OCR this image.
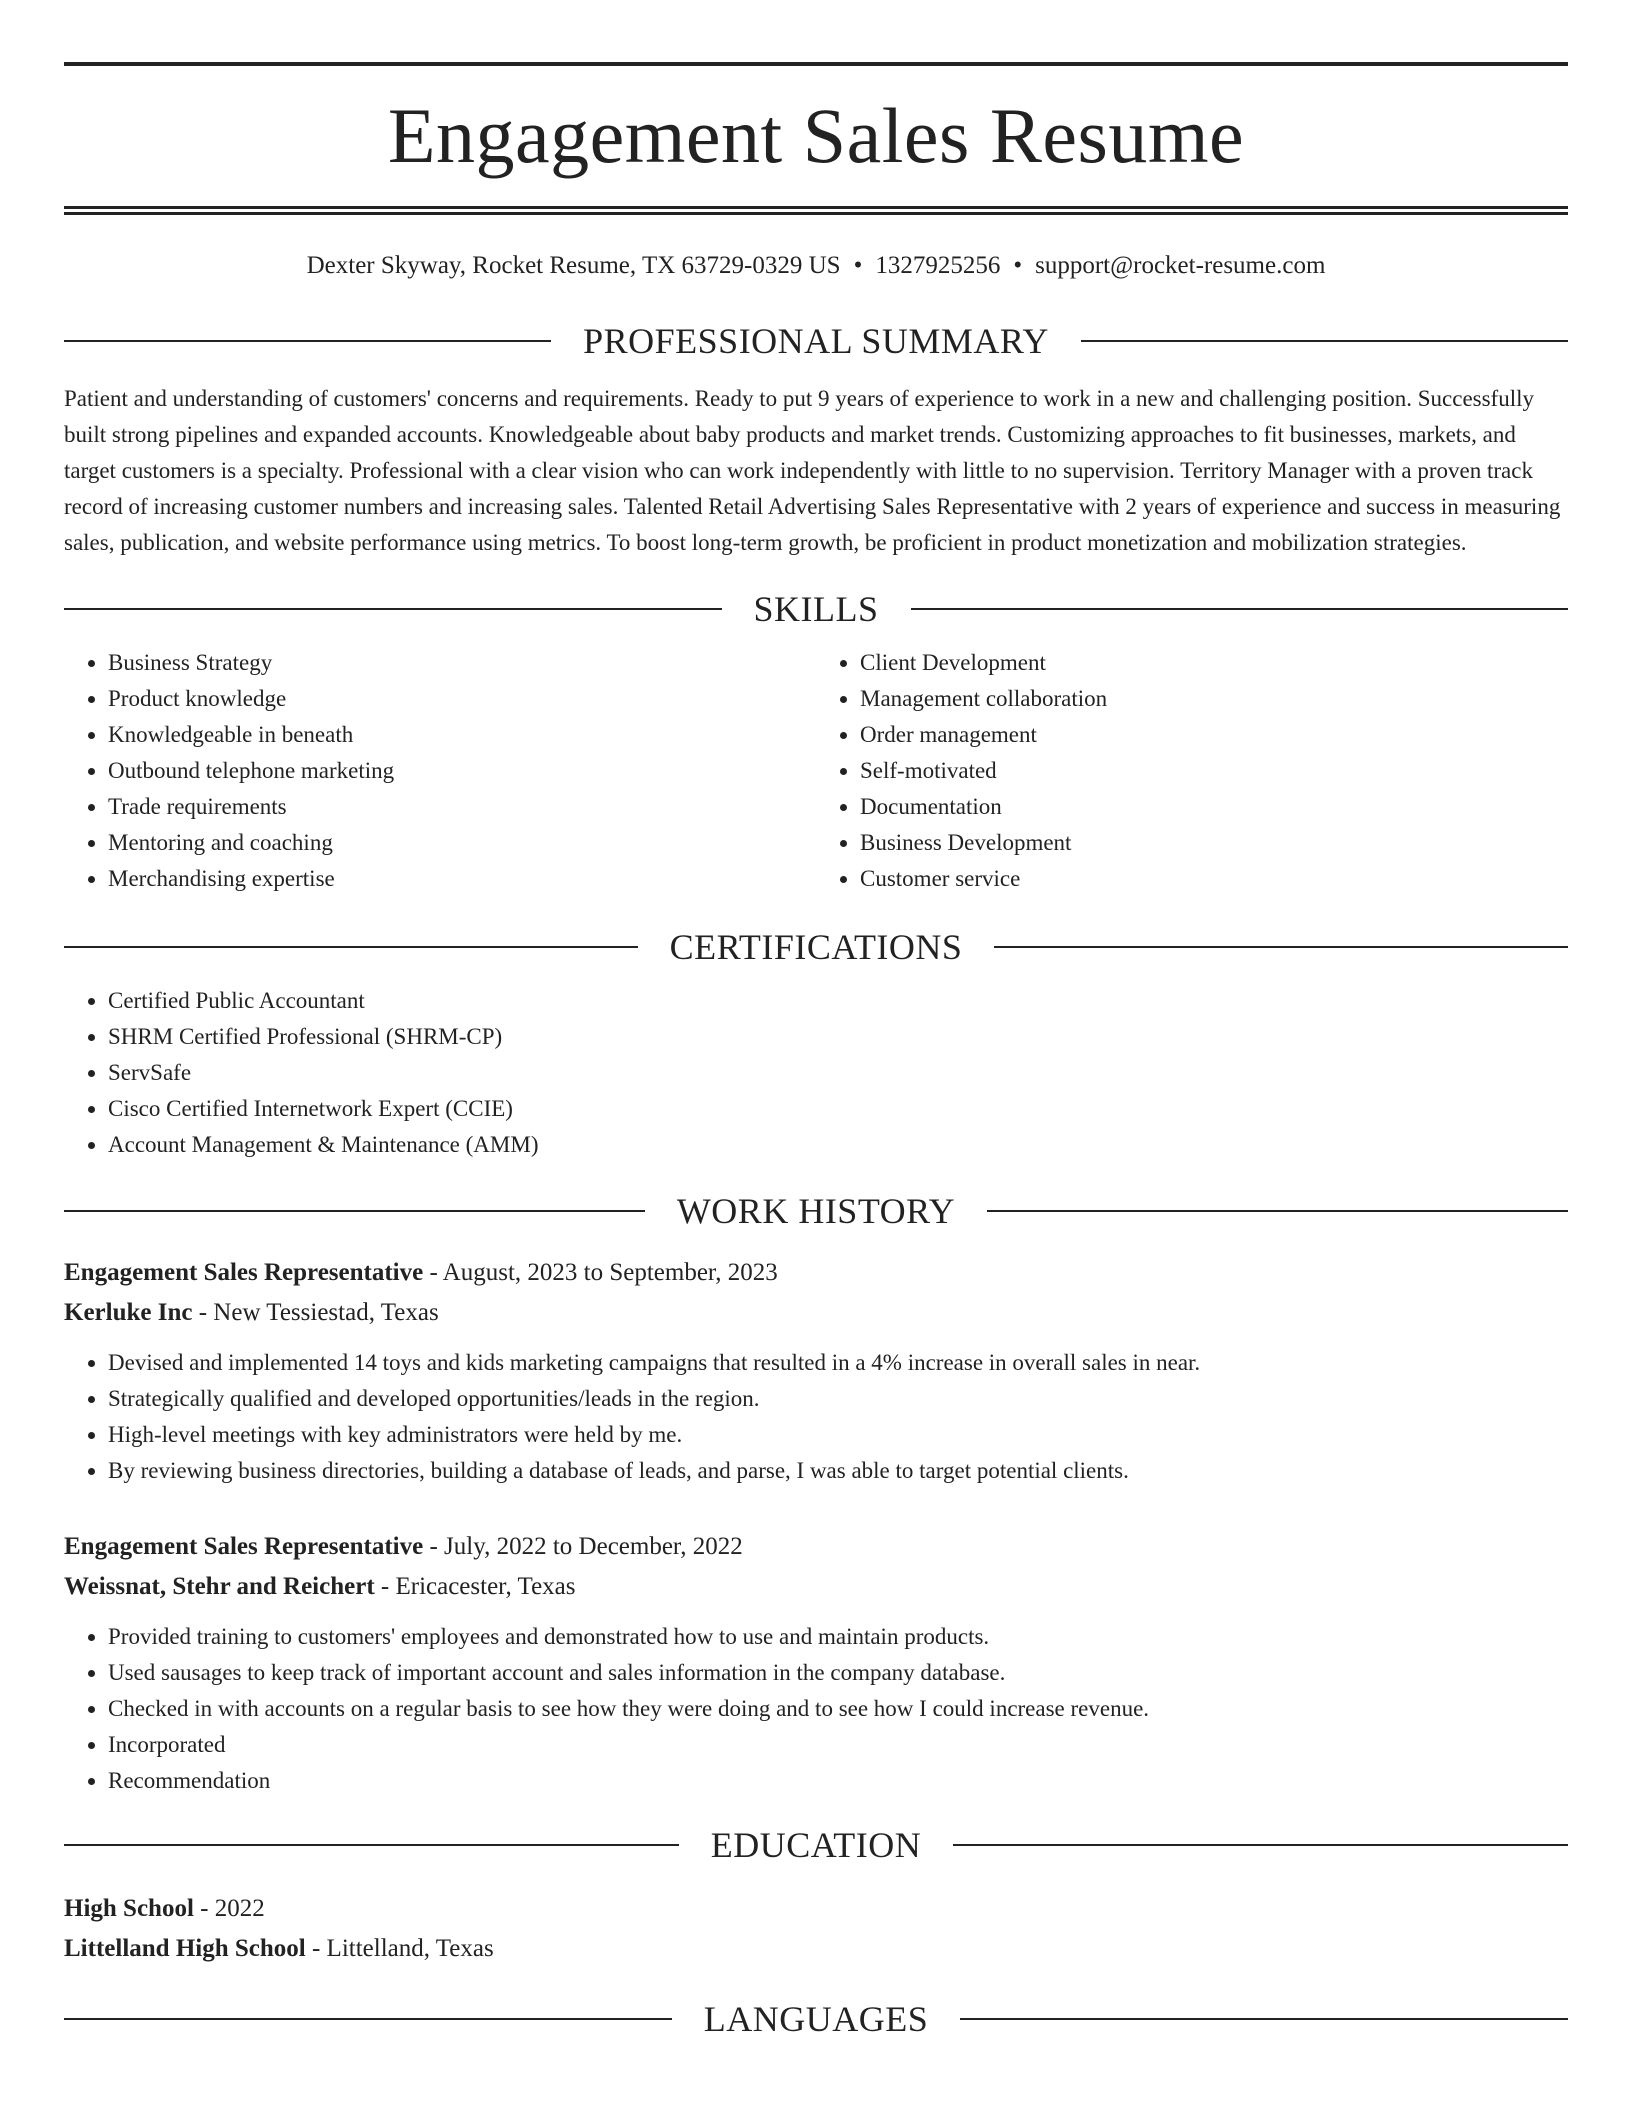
Engagement Sales Resume
Dexter Skyway, Rocket Resume, TX 63729-0329 US • 1327925256 • support@rocket-resume.com
PROFESSIONAL SUMMARY
Patient and understanding of customers' concerns and requirements. Ready to put 9 years of experience to work in a new and challenging position. Successfully built strong pipelines and expanded accounts. Knowledgeable about baby products and market trends. Customizing approaches to fit businesses, markets, and target customers is a specialty. Professional with a clear vision who can work independently with little to no supervision. Territory Manager with a proven track record of increasing customer numbers and increasing sales. Talented Retail Advertising Sales Representative with 2 years of experience and success in measuring sales, publication, and website performance using metrics. To boost long-term growth, be proficient in product monetization and mobilization strategies.
SKILLS
• Business Strategy
• Product knowledge
• Knowledgeable in beneath
• Outbound telephone marketing
• Trade requirements
• Mentoring and coaching
• Merchandising expertise
• Client Development
• Management collaboration
• Order management
• Self-motivated
• Documentation
• Business Development
• Customer service
CERTIFICATIONS
• Certified Public Accountant
• SHRM Certified Professional (SHRM-CP)
• ServSafe
• Cisco Certified Internetwork Expert (CCIE)
• Account Management & Maintenance (AMM)
WORK HISTORY
Engagement Sales Representative - August, 2023 to September, 2023
Kerluke Inc - New Tessiestad, Texas
• Devised and implemented 14 toys and kids marketing campaigns that resulted in a 4% increase in overall sales in near.
• Strategically qualified and developed opportunities/leads in the region.
• High-level meetings with key administrators were held by me.
• By reviewing business directories, building a database of leads, and parse, I was able to target potential clients.
Engagement Sales Representative - July, 2022 to December, 2022
Weissnat, Stehr and Reichert - Ericacester, Texas
• Provided training to customers' employees and demonstrated how to use and maintain products.
• Used sausages to keep track of important account and sales information in the company database.
• Checked in with accounts on a regular basis to see how they were doing and to see how I could increase revenue.
• Incorporated
• Recommendation
EDUCATION
High School - 2022
Littelland High School - Littelland, Texas
LANGUAGES
